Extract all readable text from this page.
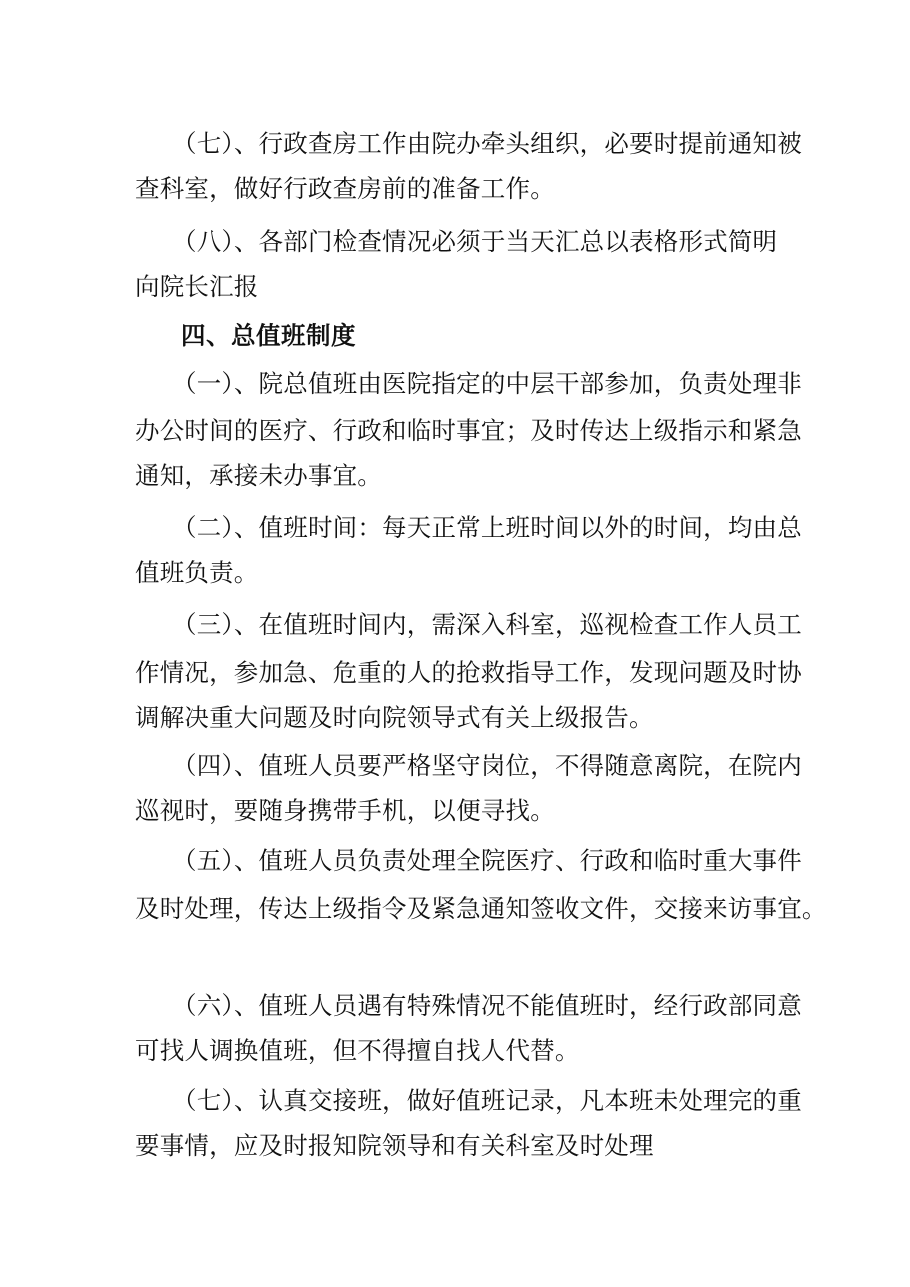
（七）、行政查房工作由院办牵头组织，必要时提前通知被
查科室，做好行政查房前的准备工作。
（八）、各部门检查情况必须于当天汇总以表格形式简明
向院长汇报
四、总值班制度
（一）、院总值班由医院指定的中层干部参加，负责处理非
办公时间的医疗、行政和临时事宜；及时传达上级指示和紧急
通知，承接未办事宜。
（二）、值班时间：每天正常上班时间以外的时间，均由总
值班负责。
（三）、在值班时间内，需深入科室，巡视检查工作人员工
作情况，参加急、危重的人的抢救指导工作，发现问题及时协
调解决重大问题及时向院领导式有关上级报告。
（四）、值班人员要严格坚守岗位，不得随意离院，在院内
巡视时，要随身携带手机，以便寻找。
（五）、值班人员负责处理全院医疗、行政和临时重大事件
及时处理，传达上级指令及紧急通知签收文件，交接来访事宜。
（六）、值班人员遇有特殊情况不能值班时，经行政部同意
可找人调换值班，但不得擅自找人代替。
（七）、认真交接班，做好值班记录，凡本班未处理完的重
要事情，应及时报知院领导和有关科室及时处理
